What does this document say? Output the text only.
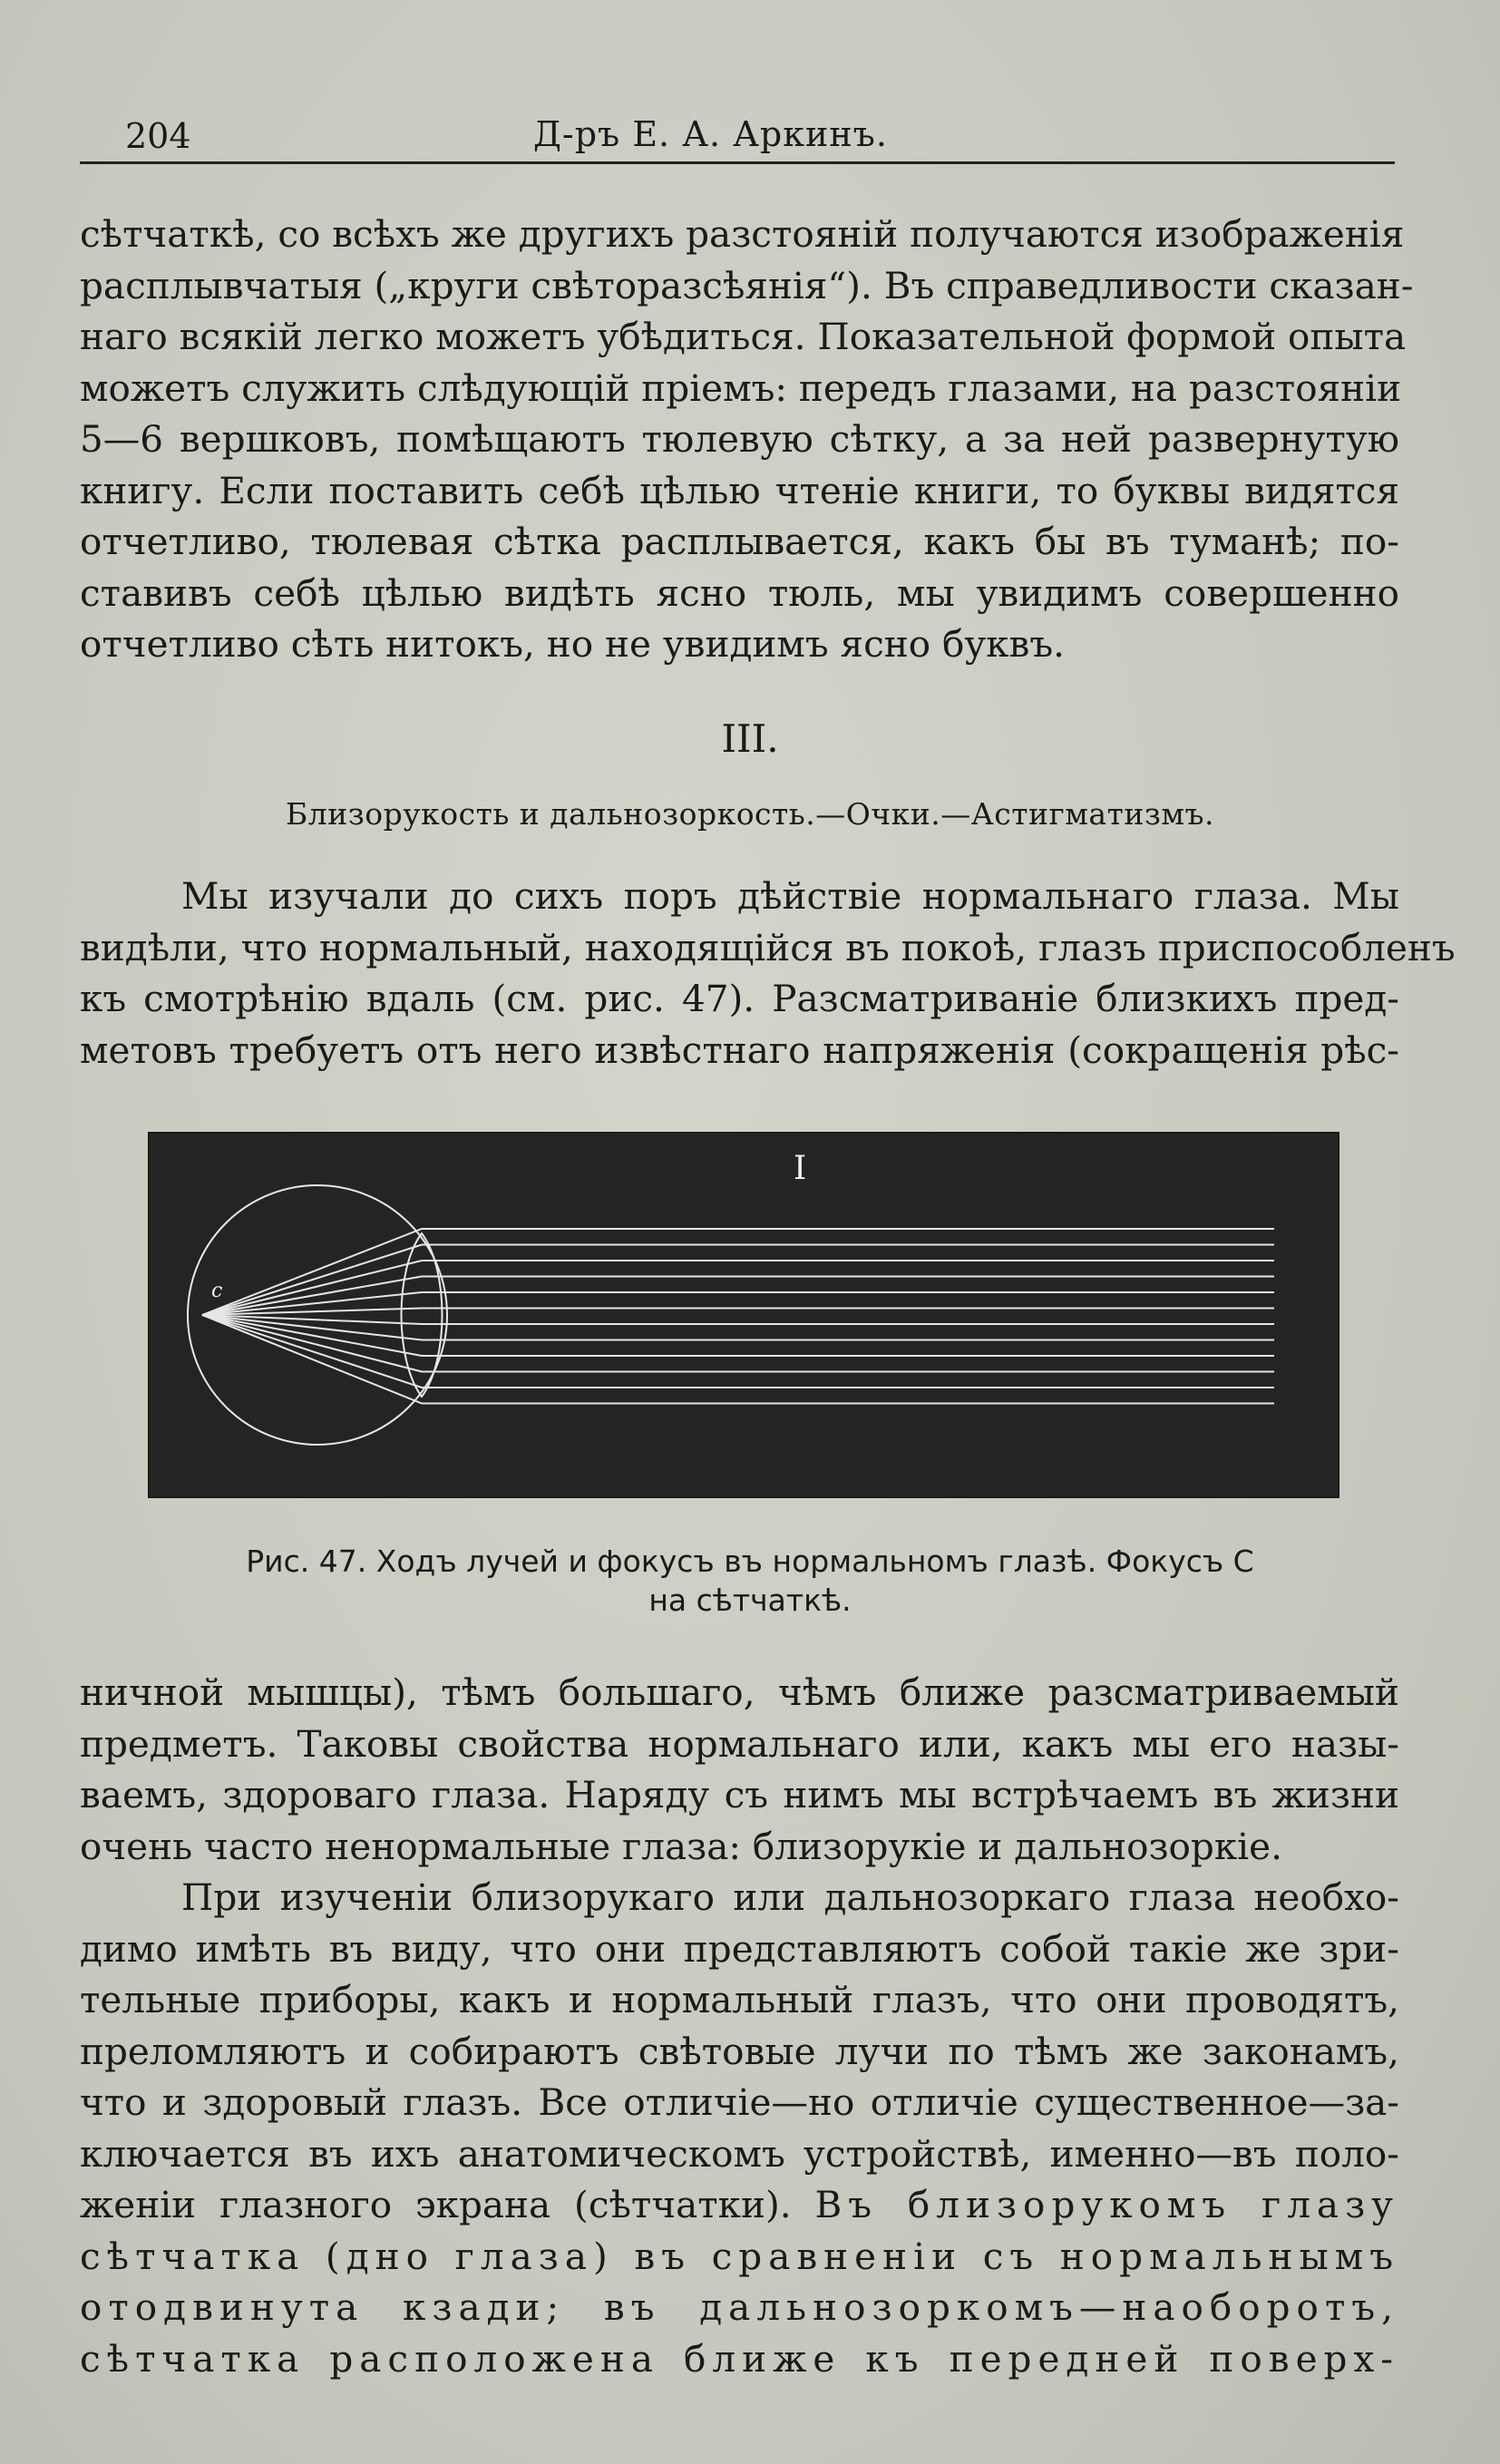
204	Д-ръ Е. А. Аркинъ.
сѣтчаткѣ, со всѣхъ же другихъ разстояній получаются изображенія
расплывчатыя („круги свѣторазсѣянія“). Въ справедливости сказан-
наго всякій легко можетъ убѣдиться. Показательной формой опыта
можетъ служить слѣдующій пріемъ: передъ глазами, на разстояніи
5—6 вершковъ, помѣщаютъ тюлевую сѣтку, а за ней развернутую
книгу. Если поставить себѣ цѣлью чтеніе книги, то буквы видятся
отчетливо, тюлевая сѣтка расплывается, какъ бы въ туманѣ; по-
ставивъ себѣ цѣлью видѣть ясно тюль, мы увидимъ совершенно
отчетливо сѣть нитокъ, но не увидимъ ясно буквъ.
III.
Близорукость и дальнозоркость.—Очки.—Астигматизмъ.
Мы изучали до сихъ поръ дѣйствіе нормальнаго глаза. Мы
видѣли, что нормальный, находящійся въ покоѣ, глазъ приспособленъ
къ смотрѣнію вдаль (см. рис. 47). Разсматриваніе близкихъ пред-
метовъ требуетъ отъ него извѣстнаго напряженія (сокращенія рѣс-
I
c
Рис. 47. Ходъ лучей и фокусъ въ нормальномъ глазѣ. Фокусъ C
на сѣтчаткѣ.
ничной мышцы), тѣмъ большаго, чѣмъ ближе разсматриваемый
предметъ. Таковы свойства нормальнаго или, какъ мы его назы-
ваемъ, здороваго глаза. Наряду съ нимъ мы встрѣчаемъ въ жизни
очень часто ненормальные глаза: близорукіе и дальнозоркіе.
При изученіи близорукаго или дальнозоркаго глаза необхо-
димо имѣть въ виду, что они представляютъ собой такіе же зри-
тельные приборы, какъ и нормальный глазъ, что они проводятъ,
преломляютъ и собираютъ свѣтовые лучи по тѣмъ же законамъ,
что и здоровый глазъ. Все отличіе—но отличіе существенное—за-
ключается въ ихъ анатомическомъ устройствѣ, именно—въ поло-
женіи глазного экрана (сѣтчатки). Въ близорукомъ глазу
сѣтчатка (дно глаза) въ сравненіи съ нормальнымъ
отодвинута кзади; въ дальнозоркомъ—наоборотъ,
сѣтчатка расположена ближе къ передней поверх-
